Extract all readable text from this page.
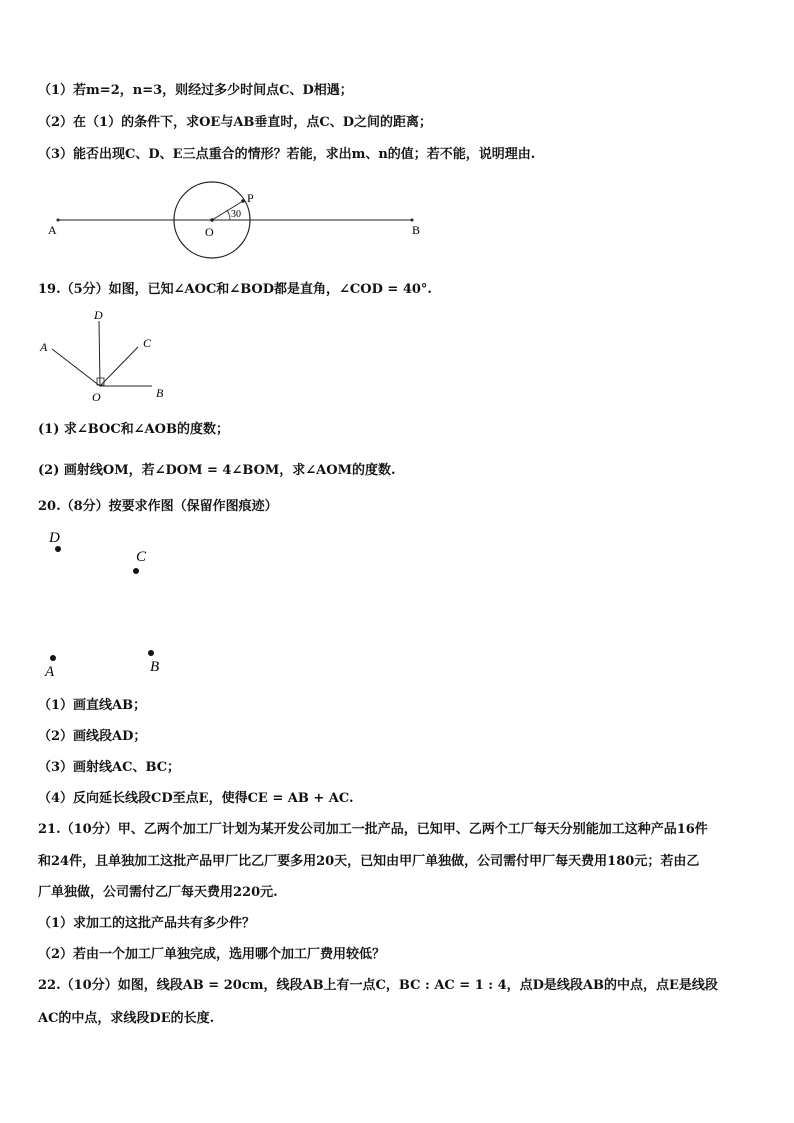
（1）若m=2，n=3，则经过多少时间点C、D相遇；
（2）在（1）的条件下，求OE与AB垂直时，点C、D之间的距离；
（3）能否出现C、D、E三点重合的情形？若能，求出m、n的值；若不能，说明理由.
A	O	B
P
30
19.（5分）如图，已知∠AOC和∠BOD都是直角，∠COD = 40°.
D
A	C
B
O
(1) 求∠BOC和∠AOB的度数；
(2) 画射线OM，若∠DOM = 4∠BOM，求∠AOM的度数.
20.（8分）按要求作图（保留作图痕迹）
D
C
A	B
（1）画直线AB；
（2）画线段AD；
（3）画射线AC、BC；
（4）反向延长线段CD至点E，使得CE = AB + AC.
21.（10分）甲、乙两个加工厂计划为某开发公司加工一批产品，已知甲、乙两个工厂每天分别能加工这种产品16件
和24件，且单独加工这批产品甲厂比乙厂要多用20天，已知由甲厂单独做，公司需付甲厂每天费用180元；若由乙
厂单独做，公司需付乙厂每天费用220元.
（1）求加工的这批产品共有多少件？
（2）若由一个加工厂单独完成，选用哪个加工厂费用较低？
22.（10分）如图，线段AB = 20cm，线段AB上有一点C，BC : AC = 1 : 4，点D是线段AB的中点，点E是线段
AC的中点，求线段DE的长度.
